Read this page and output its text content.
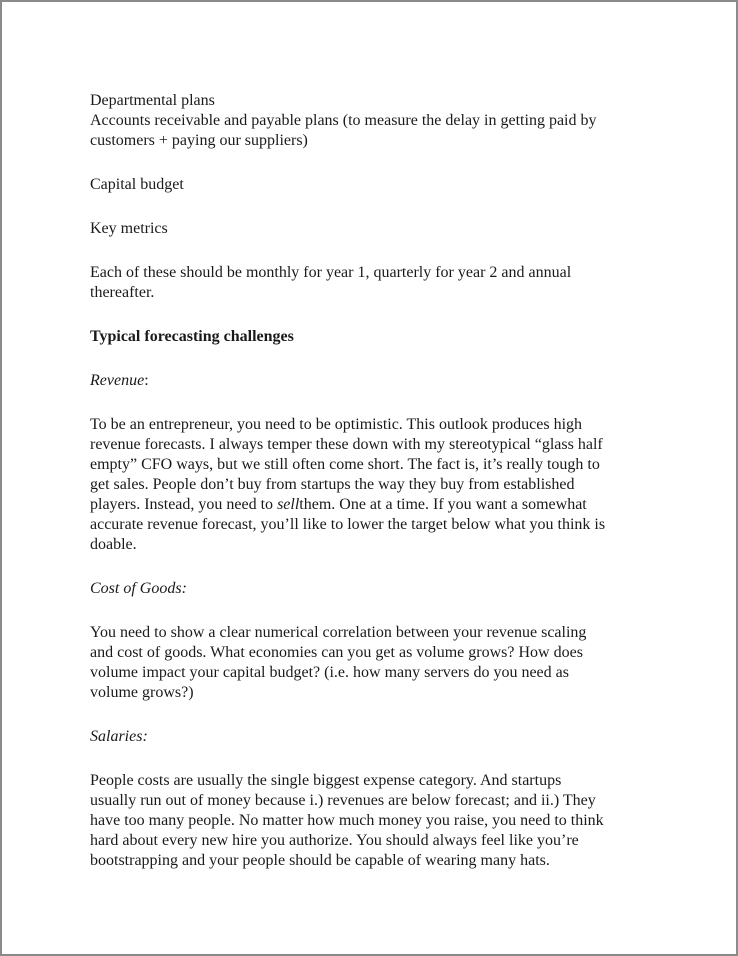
Departmental plans
Accounts receivable and payable plans (to measure the delay in getting paid by
customers + paying our suppliers)
Capital budget
Key metrics
Each of these should be monthly for year 1, quarterly for year 2 and annual
thereafter.
Typical forecasting challenges
Revenue:
To be an entrepreneur, you need to be optimistic. This outlook produces high
revenue forecasts. I always temper these down with my stereotypical “glass half
empty” CFO ways, but we still often come short. The fact is, it’s really tough to
get sales. People don’t buy from startups the way they buy from established
players. Instead, you need to sellthem. One at a time. If you want a somewhat
accurate revenue forecast, you’ll like to lower the target below what you think is
doable.
Cost of Goods:
You need to show a clear numerical correlation between your revenue scaling
and cost of goods. What economies can you get as volume grows? How does
volume impact your capital budget? (i.e. how many servers do you need as
volume grows?)
Salaries:
People costs are usually the single biggest expense category. And startups
usually run out of money because i.) revenues are below forecast; and ii.) They
have too many people. No matter how much money you raise, you need to think
hard about every new hire you authorize. You should always feel like you’re
bootstrapping and your people should be capable of wearing many hats.
